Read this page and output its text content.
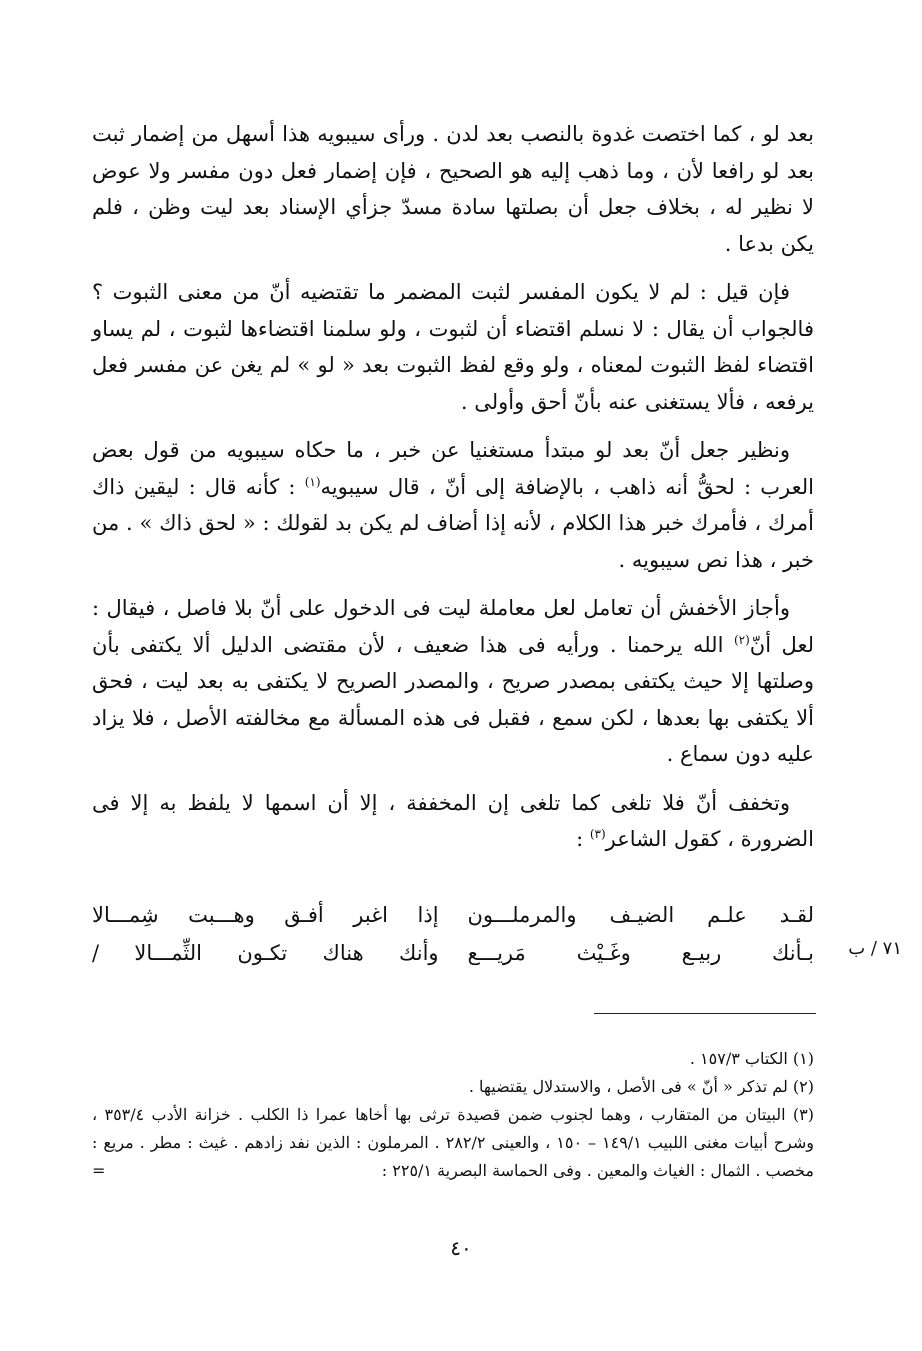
بعد لو ، كما اختصت غدوة بالنصب بعد لدن . ورأى سيبويه هذا أسهل من إضمار ثبت بعد لو رافعا لأن ، وما ذهب إليه هو الصحيح ، فإن إضمار فعل دون مفسر ولا عوض لا نظير له ، بخلاف جعل أن بصلتها سادة مسدّ جزأي الإسناد بعد ليت وظن ، فلم يكن بدعا .

فإن قيل : لم لا يكون المفسر لثبت المضمر ما تقتضيه أنّ من معنى الثبوت ؟ فالجواب أن يقال : لا نسلم اقتضاء أن لثبوت ، ولو سلمنا اقتضاءها لثبوت ، لم يساو اقتضاء لفظ الثبوت لمعناه ، ولو وقع لفظ الثبوت بعد « لو » لم يغن عن مفسر فعل يرفعه ، فألا يستغنى عنه بأنّ أحق وأولى .

ونظير جعل أنّ بعد لو مبتدأ مستغنيا عن خبر ، ما حكاه سيبويه من قول بعض العرب : لحقُّ أنه ذاهب ، بالإضافة إلى أنّ ، قال سيبويه$^{(١)}$ : كأنه قال : ليقين ذاك أمرك ، فأمرك خبر هذا الكلام ، لأنه إذا أضاف لم يكن بد لقولك : « لحق ذاك » . من خبر ، هذا نص سيبويه .

وأجاز الأخفش أن تعامل لعل معاملة ليت فى الدخول على أنّ بلا فاصل ، فيقال : لعل أنّ$^{(٢)}$ الله يرحمنا . ورأيه فى هذا ضعيف ، لأن مقتضى الدليل ألا يكتفى بأن وصلتها إلا حيث يكتفى بمصدر صريح ، والمصدر الصريح لا يكتفى به بعد ليت ، فحق ألا يكتفى بها بعدها ، لكن سمع ، فقبل فى هذه المسألة مع مخالفته الأصل ، فلا يزاد عليه دون سماع .

وتخفف أنّ فلا تلغى كما تلغى إن المخففة ، إلا أن اسمها لا يلفظ به إلا فى الضرورة ، كقول الشاعر$^{(٣)}$ :

لقـد علـم الضيـف والمرملـــون
إذا اغبر أفـق وهـــبت شِمـــالا
بـأنك ربيـع وغَـيْث مَريـــع
وأنك هناك تكـون الثِّمـــالا /	٧١ / ب

(١) الكتاب ١٥٧/٣ .

(٢) لم تذكر « أنّ » فى الأصل ، والاستدلال يقتضيها .

(٣) البيتان من المتقارب ، وهما لجنوب ضمن قصيدة ترثى بها أخاها عمرا ذا الكلب . خزانة الأدب ٣٥٣/٤ ، وشرح أبيات مغنى اللبيب ١٤٩/١ – ١٥٠ ، والعينى ٢٨٢/٢ . المرملون : الذين نفد زادهم . غيث : مطر . مريع : مخصب . الثمال : الغياث والمعين . وفى الحماسة البصرية ٢٢٥/١ :
=

٤٠
